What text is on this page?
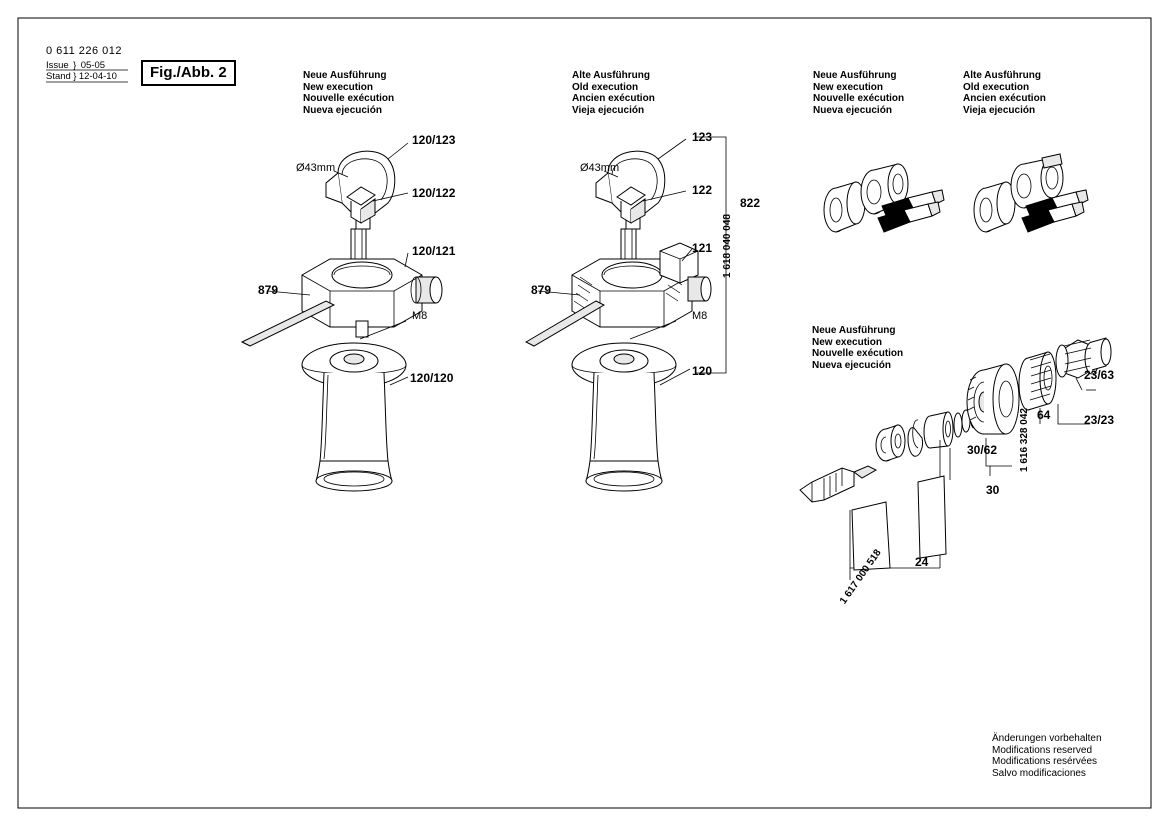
0 611 226 012
Issue } 05-05
Stand } 12-04-10	Fig./Abb. 2	Neue Ausführung
New execution
Nouvelle exécution
Nueva ejecución
Alte Ausführung
Old execution
Ancien exécution
Vieja ejecución
Neue Ausführung
New execution
Nouvelle exécution
Nueva ejecución
Alte Ausführung
Old execution
Ancien exécution
Vieja ejecución
Neue Ausführung
New execution
Nouvelle exécution
Nueva ejecución
120/123
120/122
120/121
879
120/120
Ø43mm
M8
123
122
121
822
1 618 040 048
879
120
Ø43mm
M8
23/63
23/23
64
30/62
30
24
1 616 328 042
1 617 000 518
Änderungen vorbehalten
Modifications reserved
Modifications resérvées
Salvo modificaciones
